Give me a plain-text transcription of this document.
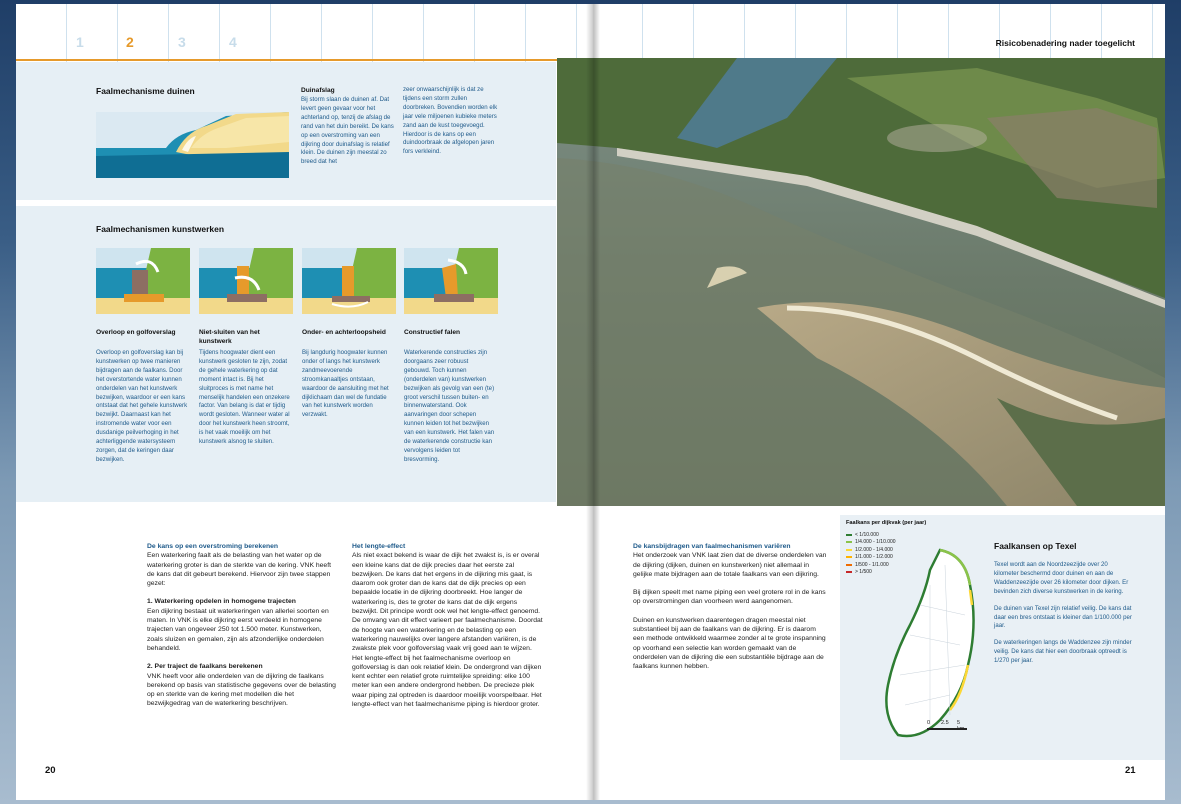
1	2	3	4
Faalmechanisme duinen	Duinafslag

Bij storm slaan de duinen af. Dat levert geen gevaar voor het achterland op, tenzij de afslag de rand van het duin bereikt. De kans op een overstroming van een dijkring door duinafslag is relatief klein. De duinen zijn meestal zo breed dat het

zeer onwaarschijnlijk is dat ze tijdens een storm zullen doorbreken. Bovendien worden elk jaar vele miljoenen kubieke meters zand aan de kust toegevoegd. Hierdoor is de kans op een duindoorbraak de afgelopen jaren fors verkleind.

Faalmechanismen kunstwerken
Overloop en golfoverslag

Overloop en golfoverslag kan bij kunstwerken op twee manieren bijdragen aan de faalkans. Door het overstortende water kunnen onderdelen van het kunstwerk bezwijken, waardoor er een kans ontstaat dat het gehele kunstwerk bezwijkt. Daarnaast kan het instromende water voor een dusdanige peilverhoging in het achterliggende watersysteem zorgen, dat de keringen daar bezwijken.

Niet-sluiten van het kunstwerk

Tijdens hoogwater dient een kunstwerk gesloten te zijn, zodat de gehele waterkering op dat moment intact is. Bij het sluitproces is met name het menselijk handelen een onzekere factor. Van belang is dat er tijdig wordt gesloten. Wanneer water al door het kunstwerk heen stroomt, is het vaak moeilijk om het kunstwerk alsnog te sluiten.

Onder- en achterloopsheid

Bij langdurig hoogwater kunnen onder of langs het kunstwerk zandmeevoerende stroomkanaaltjes ontstaan, waardoor de aansluiting met het dijklichaam dan wel de fundatie van het kunstwerk worden verzwakt.

Constructief falen

Waterkerende constructies zijn doorgaans zeer robuust gebouwd. Toch kunnen (onderdelen van) kunstwerken bezwijken als gevolg van een (te) groot verschil tussen buiten- en binnenwaterstand. Ook aanvaringen door schepen kunnen leiden tot het bezwijken van een kunstwerk. Het falen van de waterkerende constructie kan vervolgens leiden tot bresvorming.

De kans op een overstroming berekenen

Een waterkering faalt als de belasting van het water op de waterkering groter is dan de sterkte van de kering. VNK heeft de kans dat dit gebeurt berekend. Hiervoor zijn twee stappen gezet:

1. Waterkering opdelen in homogene trajecten

Een dijkring bestaat uit waterkeringen van allerlei soorten en maten. In VNK is elke dijkring eerst verdeeld in homogene trajecten van ongeveer 250 tot 1.500 meter. Kunstwerken, zoals sluizen en gemalen, zijn als afzonderlijke onderdelen behandeld.

2. Per traject de faalkans berekenen

VNK heeft voor alle onderdelen van de dijkring de faalkans berekend op basis van statistische gegevens over de belasting op en sterkte van de kering met modellen die het bezwijkgedrag van de waterkering beschrijven.

Het lengte-effect

Als niet exact bekend is waar de dijk het zwakst is, is er overal een kleine kans dat de dijk precies daar het eerste zal bezwijken. De kans dat het ergens in de dijkring mis gaat, is daarom ook groter dan de kans dat de dijk precies op een bepaalde locatie in de dijkring doorbreekt. Hoe langer de waterkering is, des te groter de kans dat de dijk ergens bezwijkt. Dit principe wordt ook wel het lengte-effect genoemd. De omvang van dit effect varieert per faalmechanisme. Doordat de hoogte van een waterkering en de belasting op een waterkering nauwelijks over langere afstanden variëren, is de zwakste plek voor golfoverslag vaak vrij goed aan te wijzen. Het lengte-effect bij het faalmechanisme overloop en golfoverslag is dan ook relatief klein. De ondergrond van dijken kent echter een relatief grote ruimtelijke spreiding: elke 100 meter kan een andere ondergrond hebben. De precieze plek waar piping zal optreden is daardoor moeilijk voorspelbaar. Het lengte-effect van het faalmechanisme piping is hierdoor groter.

20
Risicobenadering nader toegelicht
De kansbijdragen van faalmechanismen variëren

Het onderzoek van VNK laat zien dat de diverse onderdelen van de dijkring (dijken, duinen en kunstwerken) niet allemaal in gelijke mate bijdragen aan de totale faalkans van een dijkring.

Bij dijken speelt met name piping een veel grotere rol in de kans op overstromingen dan voorheen werd aangenomen.

Duinen en kunstwerken daarentegen dragen meestal niet substantieel bij aan de faalkans van de dijkring. Er is daarom een methode ontwikkeld waarmee zonder al te grote inspanning op voorhand een selectie kan worden gemaakt van de onderdelen van de dijkring die een substantiële bijdrage aan de faalkans kunnen hebben.

Faalkans per dijkvak (per jaar)
< 1/10.000
1/4.000 - 1/10.000
1/2.000 - 1/4.000
1/1.000 - 1/2.000
1/500 - 1/1.000
> 1/500
0 2.5 5
Faalkansen op Texel

Texel wordt aan de Noordzeezijde over 20 kilometer beschermd door duinen en aan de Waddenzeezijde over 26 kilometer door dijken. Er bevinden zich diverse kunstwerken in de kering.

De duinen van Texel zijn relatief veilig. De kans dat daar een bres ontstaat is kleiner dan 1/100.000 per jaar.

De waterkeringen langs de Waddenzee zijn minder veilig. De kans dat hier een doorbraak optreedt is 1/270 per jaar.

21
